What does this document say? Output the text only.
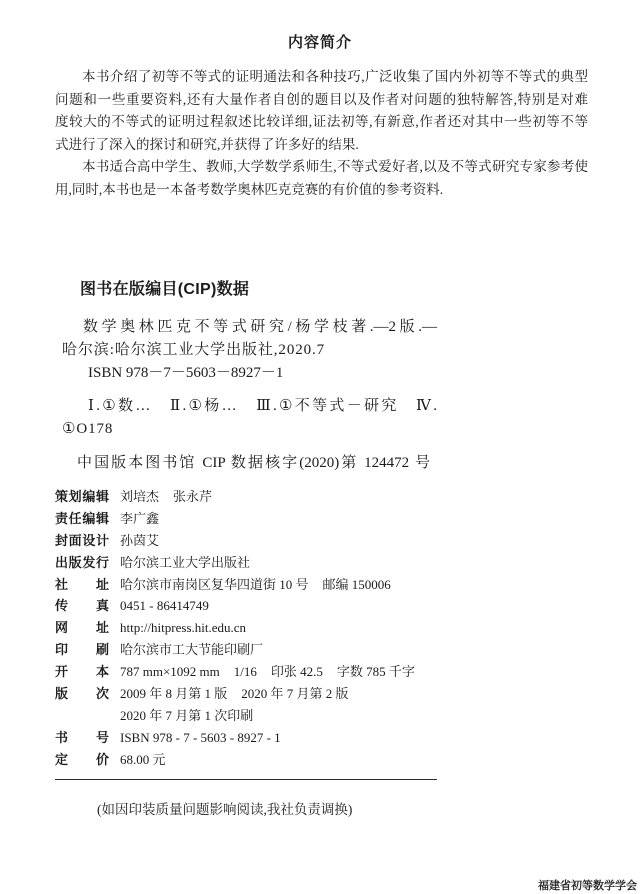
内容简介
本书介绍了初等不等式的证明通法和各种技巧,广泛收集了国内外初等不等式的典型
问题和一些重要资料,还有大量作者自创的题目以及作者对问题的独特解答,特别是对难
度较大的不等式的证明过程叙述比较详细,证法初等,有新意,作者还对其中一些初等不等
式进行了深入的探讨和研究,并获得了许多好的结果.
本书适合高中学生、教师,大学数学系师生,不等式爱好者,以及不等式研究专家参考使
用,同时,本书也是一本备考数学奥林匹克竞赛的有价值的参考资料.
图书在版编目(CIP)数据
数学奥林匹克不等式研究/杨学枝著.—2版.—
哈尔滨:哈尔滨工业大学出版社,2020.7
ISBN 978－7－5603－8927－1
Ⅰ.①数…　Ⅱ.①杨…　Ⅲ.①不等式－研究　Ⅳ.
①O178
中国版本图书馆 CIP 数据核字(2020)第 124472 号
策划编辑 刘培杰 张永芹
责任编辑 李广鑫
封面设计 孙茵艾
出版发行 哈尔滨工业大学出版社
社 址 哈尔滨市南岗区复华四道街 10 号 邮编 150006
传 真 0451 - 86414749
网 址 http://hitpress.hit.edu.cn
印 刷 哈尔滨市工大节能印刷厂
开 本 787 mm×1092 mm 1/16 印张 42.5 字数 785 千字
版 次 2009 年 8 月第 1 版 2020 年 7 月第 2 版
2020 年 7 月第 1 次印刷
书 号 ISBN 978 - 7 - 5603 - 8927 - 1
定 价 68.00 元
(如因印装质量问题影响阅读,我社负责调换)
福建省初等数学学会
